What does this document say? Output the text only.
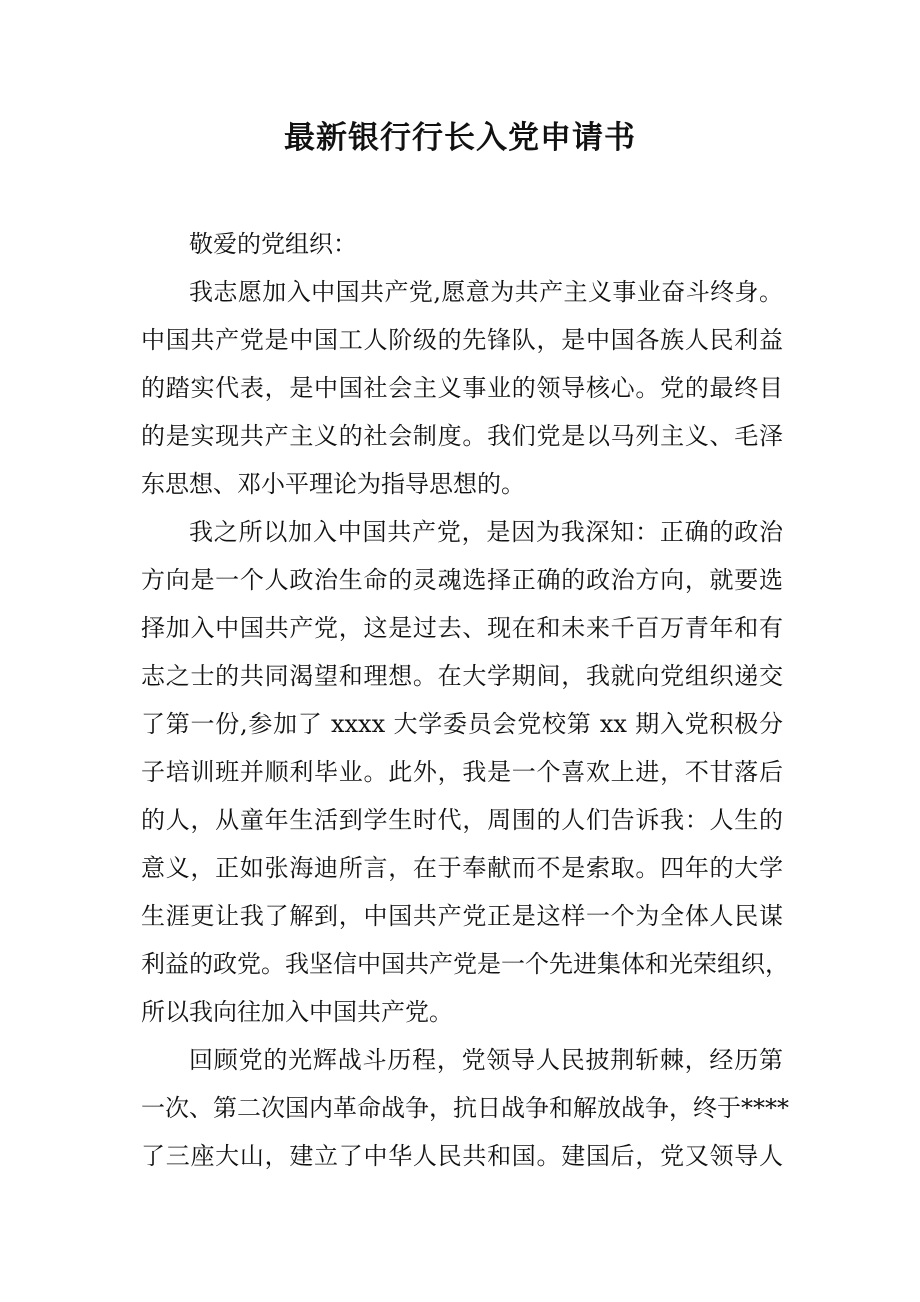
最新银行行长入党申请书
敬爱的党组织：
我志愿加入中国共产党,愿意为共产主义事业奋斗终身。
中国共产党是中国工人阶级的先锋队，是中国各族人民利益
的踏实代表，是中国社会主义事业的领导核心。党的最终目
的是实现共产主义的社会制度。我们党是以马列主义、毛泽
东思想、邓小平理论为指导思想的。
我之所以加入中国共产党，是因为我深知：正确的政治
方向是一个人政治生命的灵魂选择正确的政治方向，就要选
择加入中国共产党，这是过去、现在和未来千百万青年和有
志之士的共同渴望和理想。在大学期间，我就向党组织递交
了第一份,参加了 xxxx 大学委员会党校第 xx 期入党积极分
子培训班并顺利毕业。此外，我是一个喜欢上进，不甘落后
的人，从童年生活到学生时代，周围的人们告诉我：人生的
意义，正如张海迪所言，在于奉献而不是索取。四年的大学
生涯更让我了解到，中国共产党正是这样一个为全体人民谋
利益的政党。我坚信中国共产党是一个先进集体和光荣组织，
所以我向往加入中国共产党。
回顾党的光辉战斗历程，党领导人民披荆斩棘，经历第
一次、第二次国内革命战争，抗日战争和解放战争，终于****
了三座大山，建立了中华人民共和国。建国后，党又领导人
